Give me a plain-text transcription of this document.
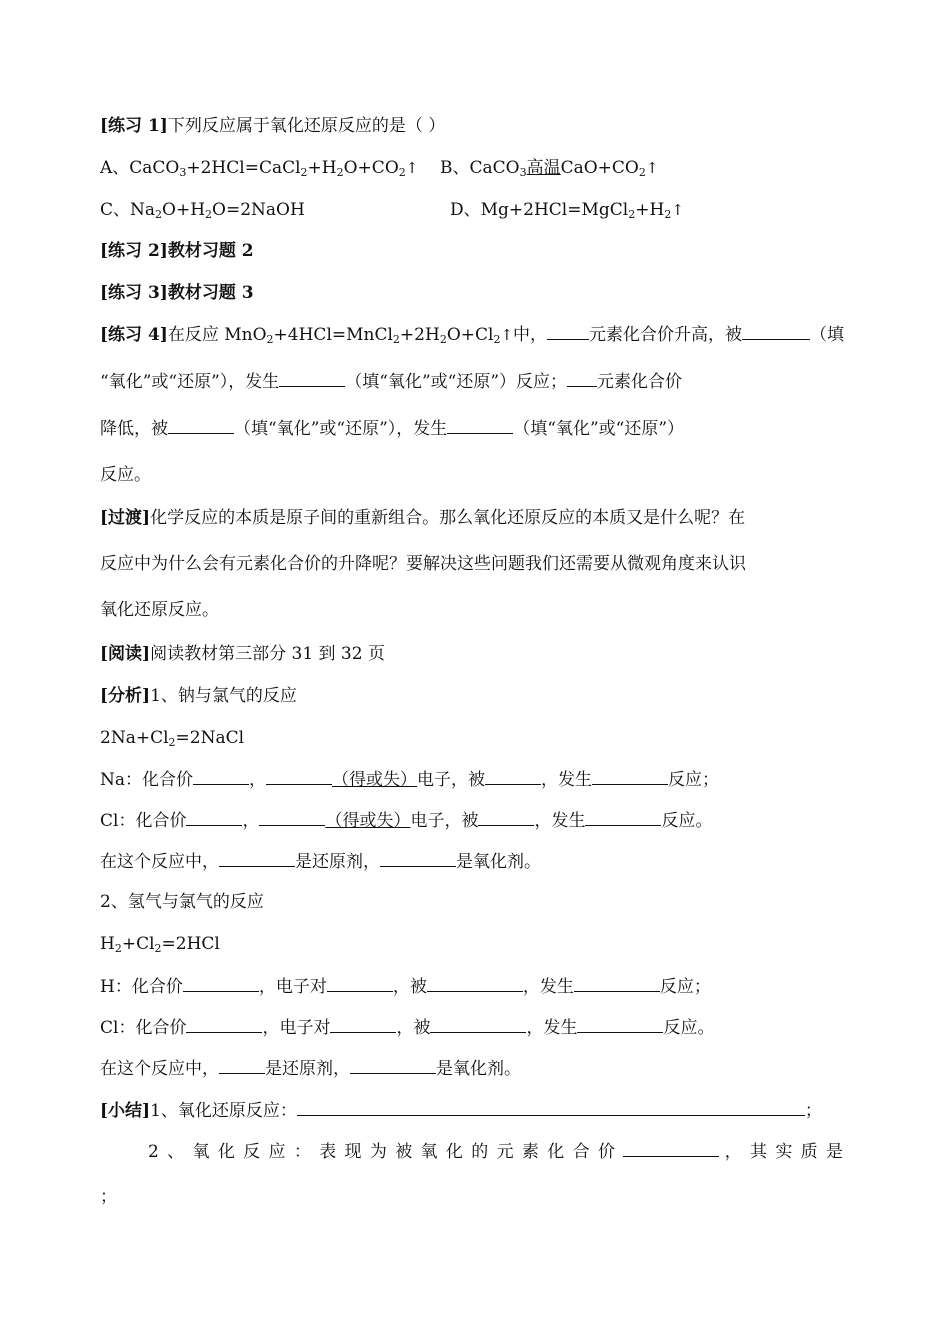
[练习 1]下列反应属于氧化还原反应的是（ ）
A、$CaCO_3+2HCl=CaCl_2+H_2O+CO_2↑$ B、CaCO$_3$高温$CaO+CO_2↑$
C、$Na_2O+H_2O=2NaOH$	D、$Mg+2HCl=MgCl_2+H_2↑$
[练习 2]教材习题 2
[练习 3]教材习题 3
[练习 4]在反应 $MnO_2+4HCl=MnCl_2+2H_2O+Cl_2↑$中， 元素化合价升高，被	（填
“氧化”或“还原”），发生	（填“氧化”或“还原”）反应； 元素化合价
降低，被	（填“氧化”或“还原”），发生	（填“氧化”或“还原”）
反应。
[过渡]化学反应的本质是原子间的重新组合。那么氧化还原反应的本质又是什么呢？在
反应中为什么会有元素化合价的升降呢？要解决这些问题我们还需要从微观角度来认识
氧化还原反应。
[阅读]阅读教材第三部分 31 到 32 页
[分析]1、钠与氯气的反应
$2Na+Cl_2=2NaCl$
Na：化合价	，	（得或失）电子，被	，发生	反应；
Cl：化合价	，	（得或失）电子，被	，发生	反应。
在这个反应中，	是还原剂，	是氧化剂。
2、氢气与氯气的反应
$H_2+Cl_2=2HCl$
H：化合价	，电子对	，被	，发生	反应；
Cl：化合价	，电子对	，被	，发生	反应。
在这个反应中，	是还原剂，	是氧化剂。
[小结]1、氧化还原反应：	；
2、氧化反应：表现为被氧化的元素化合价	，其实质是
；
